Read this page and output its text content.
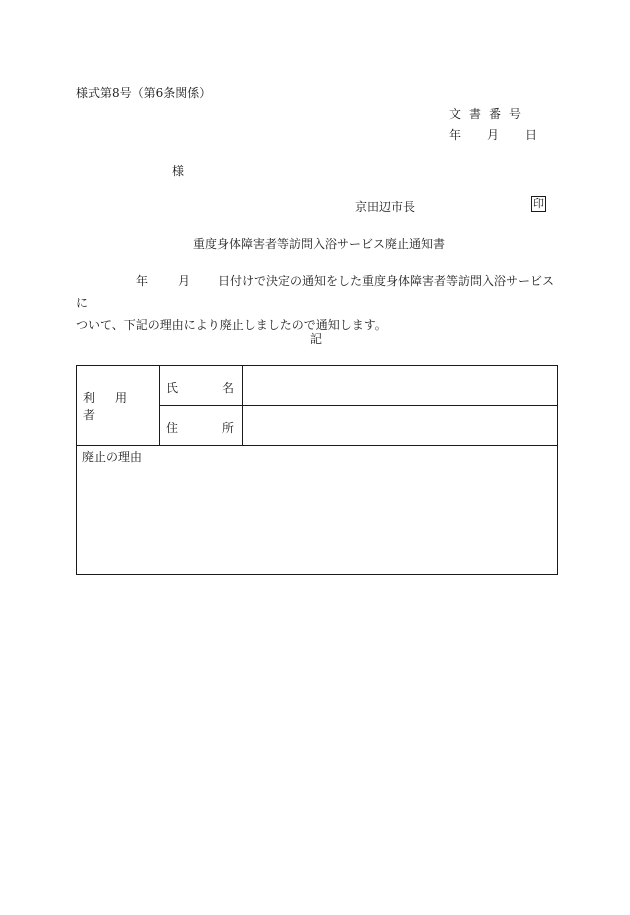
様式第8号（第6条関係）
文書番号
年 月 日
様
京田辺市長	印
重度身体障害者等訪問入浴サービス廃止通知書
年	月 日付けで決定の通知をした重度身体障害者等訪問入浴サービスに
ついて、下記の理由により廃止しましたので通知します。
記
利 用者	氏 名	

	住 所	

廃止の理由		
